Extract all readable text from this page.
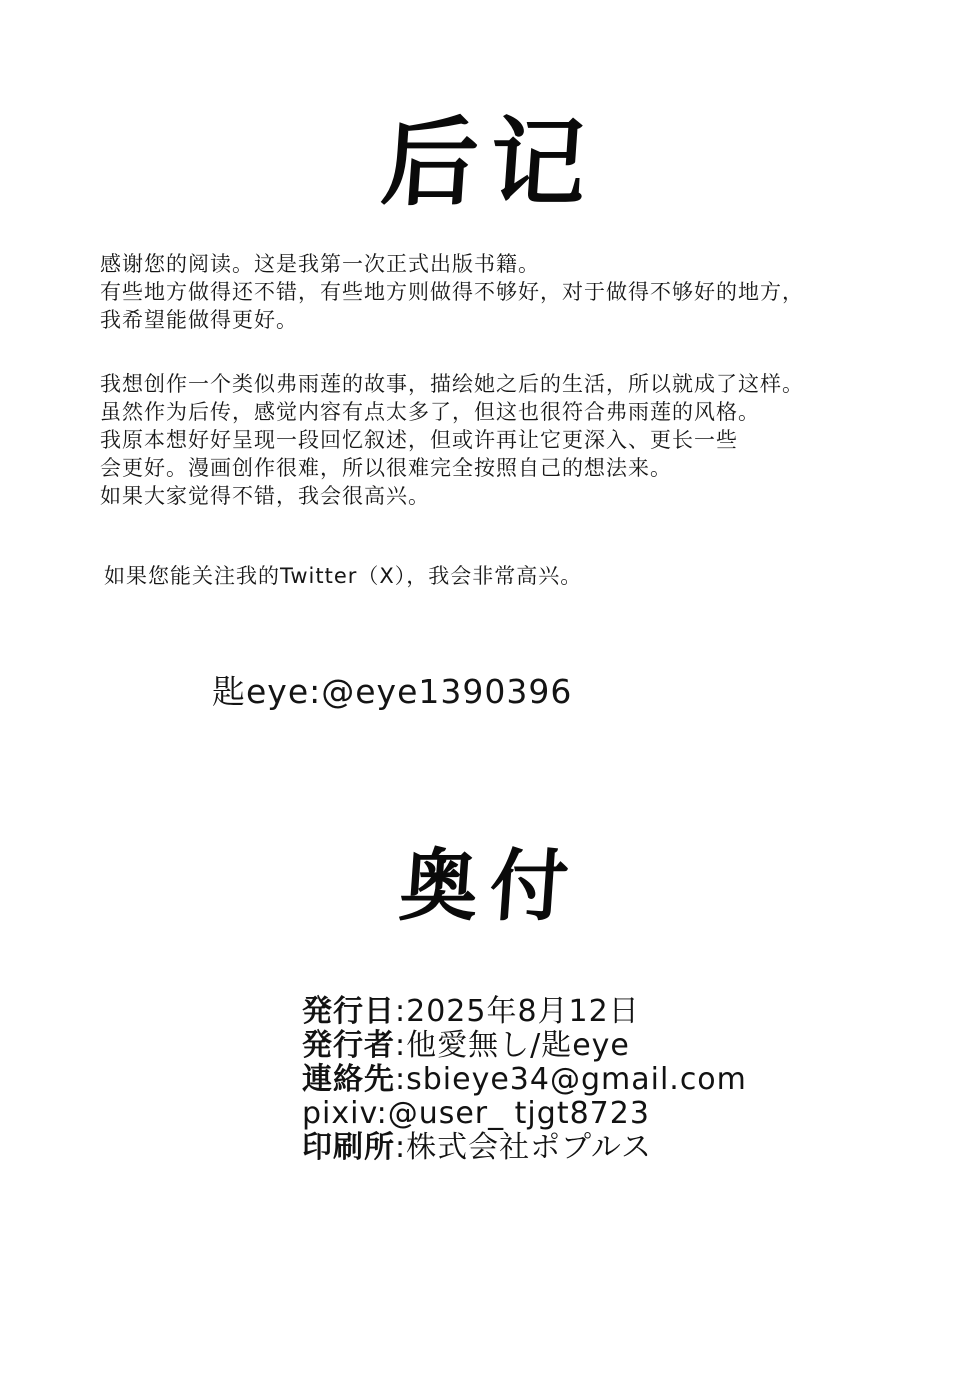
后记
感谢您的阅读。这是我第一次正式出版书籍。
有些地方做得还不错，有些地方则做得不够好，对于做得不够好的地方，
我希望能做得更好。
我想创作一个类似弗雨莲的故事，描绘她之后的生活，所以就成了这样。
虽然作为后传，感觉内容有点太多了，但这也很符合弗雨莲的风格。
我原本想好好呈现一段回忆叙述，但或许再让它更深入、更长一些
会更好。漫画创作很难，所以很难完全按照自己的想法来。
如果大家觉得不错，我会很高兴。
如果您能关注我的Twitter（X），我会非常高兴。
匙eye:@eye1390396
奥付
発行日:2025年8月12日
発行者:他愛無し/匙eye
連絡先:sbieye34@gmail.com
pixiv:@user_ tjgt8723
印刷所:株式会社ポプルス
